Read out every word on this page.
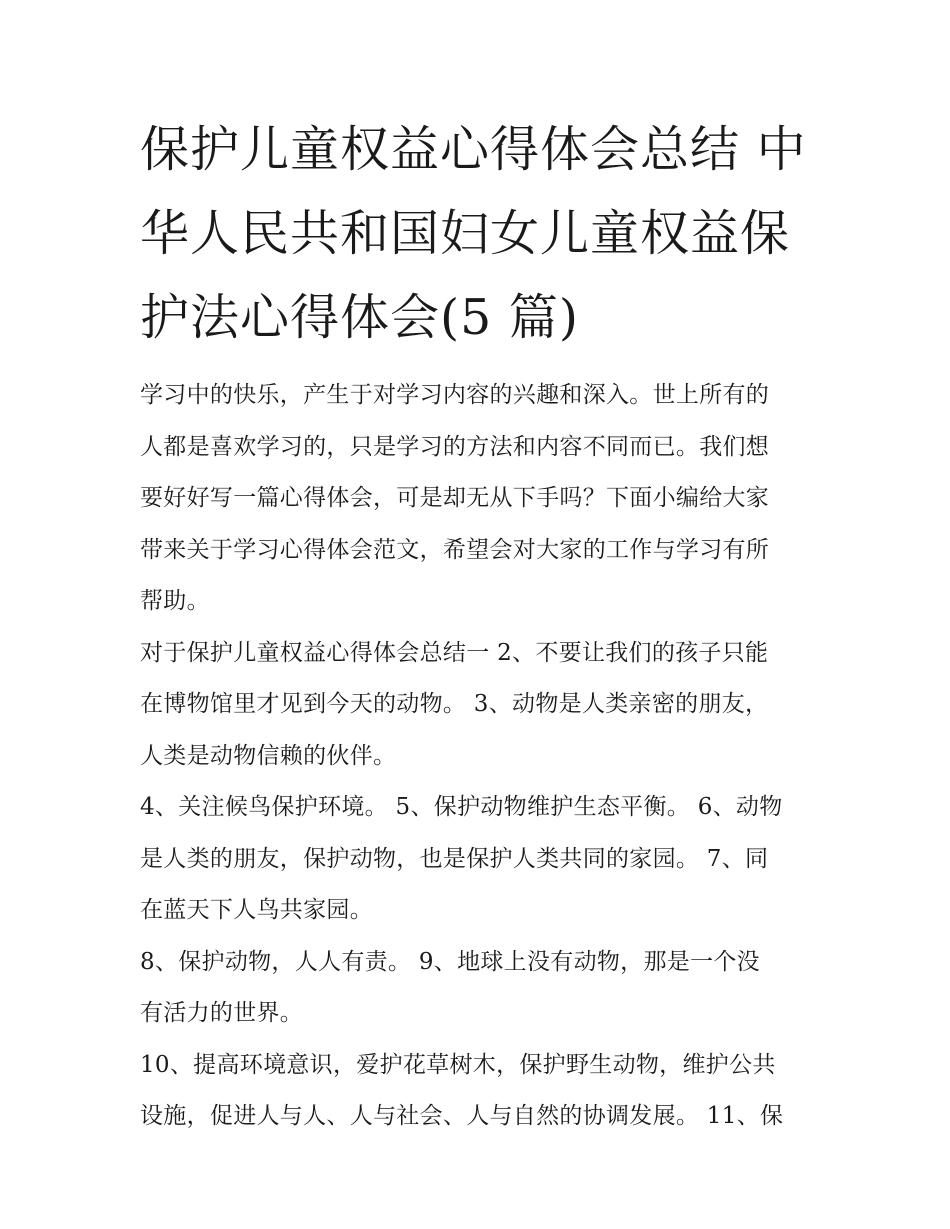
保护儿童权益心得体会总结 中
华人民共和国妇女儿童权益保
护法心得体会(5 篇)
学习中的快乐，产生于对学习内容的兴趣和深入。世上所有的
人都是喜欢学习的，只是学习的方法和内容不同而已。我们想
要好好写一篇心得体会，可是却无从下手吗？下面小编给大家
带来关于学习心得体会范文，希望会对大家的工作与学习有所
帮助。
对于保护儿童权益心得体会总结一 2、不要让我们的孩子只能
在博物馆里才见到今天的动物。 3、动物是人类亲密的朋友，
人类是动物信赖的伙伴。
4、关注候鸟保护环境。 5、保护动物维护生态平衡。 6、动物
是人类的朋友，保护动物，也是保护人类共同的家园。 7、同
在蓝天下人鸟共家园。
8、保护动物，人人有责。 9、地球上没有动物，那是一个没
有活力的世界。
10、提高环境意识，爱护花草树木，保护野生动物，维护公共
设施，促进人与人、人与社会、人与自然的协调发展。 11、保
